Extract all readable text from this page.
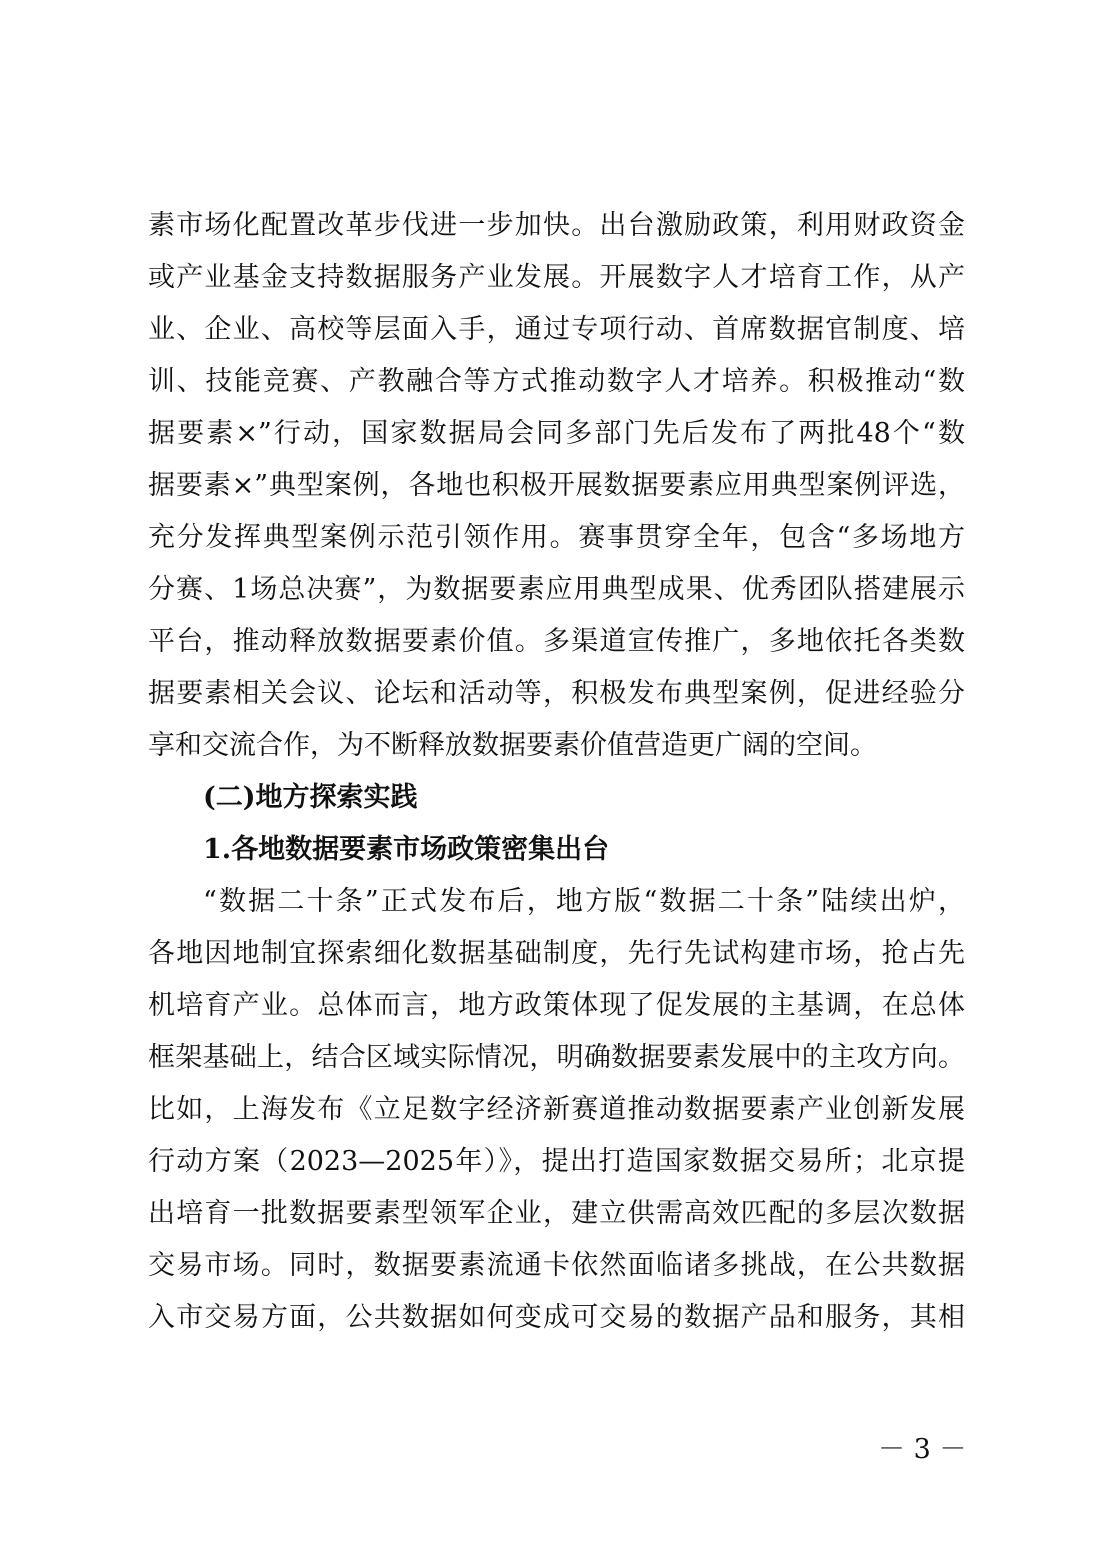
素市场化配置改革步伐进一步加快。出台激励政策，利用财政资金
或产业基金支持数据服务产业发展。开展数字人才培育工作，从产
业、企业、高校等层面入手，通过专项行动、首席数据官制度、培
训、技能竞赛、产教融合等方式推动数字人才培养。积极推动“数
据要素×”行动，国家数据局会同多部门先后发布了两批48个“数
据要素×”典型案例，各地也积极开展数据要素应用典型案例评选，
充分发挥典型案例示范引领作用。赛事贯穿全年，包含“多场地方
分赛、1场总决赛”，为数据要素应用典型成果、优秀团队搭建展示
平台，推动释放数据要素价值。多渠道宣传推广，多地依托各类数
据要素相关会议、论坛和活动等，积极发布典型案例，促进经验分
享和交流合作，为不断释放数据要素价值营造更广阔的空间。
(二)地方探索实践
1.各地数据要素市场政策密集出台
“数据二十条”正式发布后，地方版“数据二十条”陆续出炉，
各地因地制宜探索细化数据基础制度，先行先试构建市场，抢占先
机培育产业。总体而言，地方政策体现了促发展的主基调，在总体
框架基础上，结合区域实际情况，明确数据要素发展中的主攻方向。
比如，上海发布《立足数字经济新赛道推动数据要素产业创新发展
行动方案（2023—2025年）》，提出打造国家数据交易所；北京提
出培育一批数据要素型领军企业，建立供需高效匹配的多层次数据
交易市场。同时，数据要素流通卡依然面临诸多挑战，在公共数据
入市交易方面，公共数据如何变成可交易的数据产品和服务，其相
－ 3 －
